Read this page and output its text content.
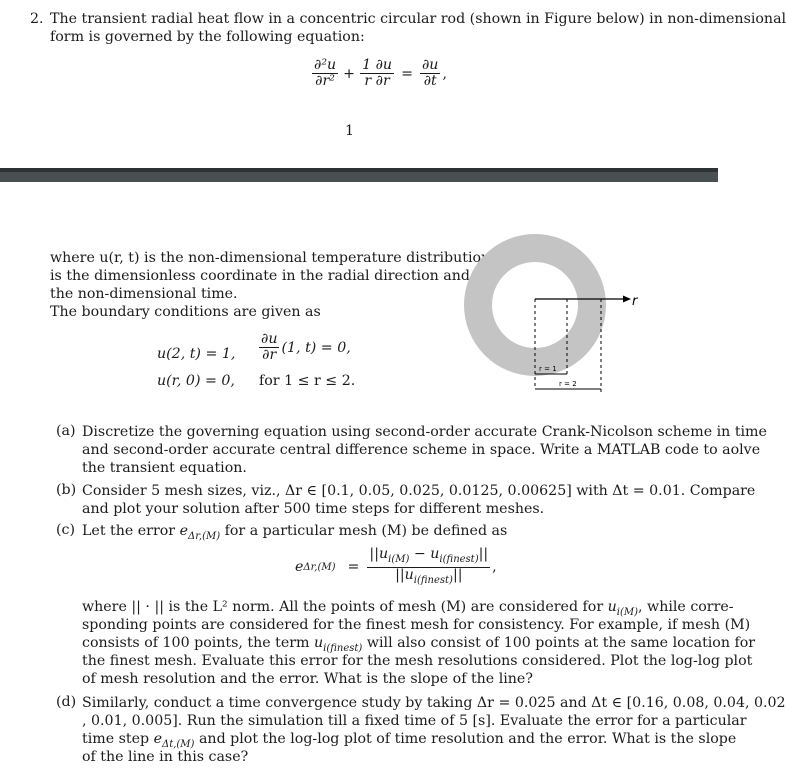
2. The transient radial heat flow in a concentric circular rod (shown in Figure below) in non-dimensional
form is governed by the following equation:
$\frac{\text{∂²u}}{\text{∂r²}} + \frac{1 \partial u}{r \partial r} = \frac{\partial u}{\partial t}$ ,
1
where u(r, t) is the non-dimensional temperature distribution, r
is the dimensionless coordinate in the radial direction and t is
the non-dimensional time.
The boundary conditions are given as
u(2, t) = 1, $\frac{\partial u}{\partial r} (1$, t) = 0,
u(r, 0) = 0, for 1 ≤ r ≤ 2.
r
r = 1
r = 2
(a) Discretize the governing equation using second-order accurate Crank-Nicolson scheme in time
and second-order accurate central difference scheme in space. Write a MATLAB code to aolve
the transient equation.
(b) Consider 5 mesh sizes, viz., Δr ∈ [0.1, 0.05, 0.025, 0.0125, 0.00625] with Δt = 0.01. Compare
and plot your solution after 500 time steps for different meshes.
(c) Let the error $e_{\Delta r,(M)}$ for a particular mesh (M) be defined as
e $\Delta r,(M) = \frac{||u_{i(M)} - u_{i(finest)}||}{||u_{i(finest)}||}$ ,
where || · || is the L² norm. All the points of mesh (M) are considered for $u_{i(M)}$, while corre-
sponding points are considered for the finest mesh for consistency. For example, if mesh (M)
consists of 100 points, the term $u_{i(finest)}$ will also consist of 100 points at the same location for
the finest mesh. Evaluate this error for the mesh resolutions considered. Plot the log-log plot
of mesh resolution and the error. What is the slope of the line?
(d) Similarly, conduct a time convergence study by taking Δr = 0.025 and Δt ∈ [0.16, 0.08, 0.04, 0.02
, 0.01, 0.005]. Run the simulation till a fixed time of 5 [s]. Evaluate the error for a particular
time step $e_{\Delta t,(M)}$ and plot the log-log plot of time resolution and the error. What is the slope
of the line in this case?
